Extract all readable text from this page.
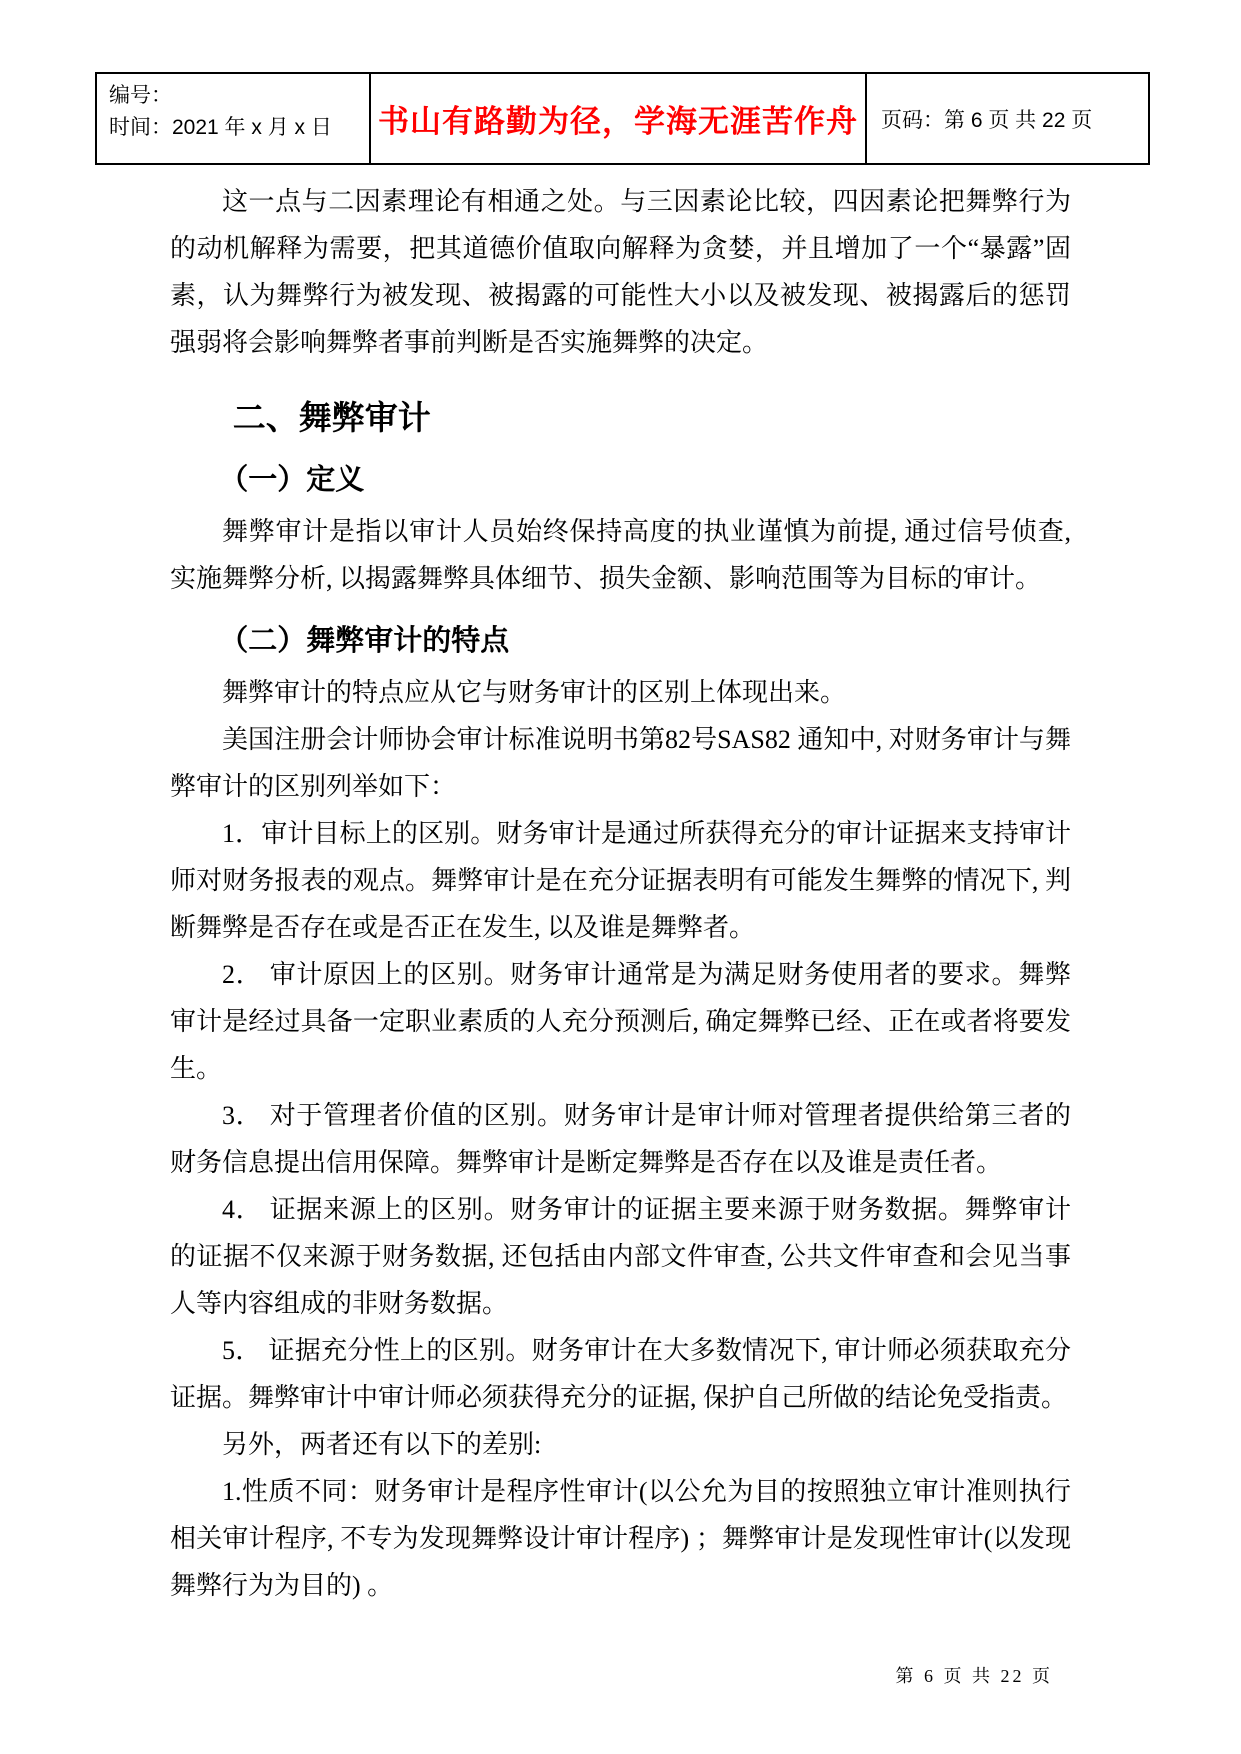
编号：
时间：2021 年 x 月 x 日	书山有路勤为径，学海无涯苦作舟 页码：第 6 页 共 22 页

这一点与二因素理论有相通之处。与三因素论比较，四因素论把舞弊行为的动机解释为需要，把其道德价值取向解释为贪婪，并且增加了一个“暴露”固素，认为舞弊行为被发现、被揭露的可能性大小以及被发现、被揭露后的惩罚强弱将会影响舞弊者事前判断是否实施舞弊的决定。

二、舞弊审计
（一）定义

舞弊审计是指以审计人员始终保持高度的执业谨慎为前提, 通过信号侦查, 实施舞弊分析, 以揭露舞弊具体细节、损失金额、影响范围等为目标的审计。

（二）舞弊审计的特点

舞弊审计的特点应从它与财务审计的区别上体现出来。

美国注册会计师协会审计标准说明书第82号SAS82 通知中, 对财务审计与舞弊审计的区别列举如下：

1．审计目标上的区别。财务审计是通过所获得充分的审计证据来支持审计师对财务报表的观点。舞弊审计是在充分证据表明有可能发生舞弊的情况下, 判断舞弊是否存在或是否正在发生, 以及谁是舞弊者。

2． 审计原因上的区别。财务审计通常是为满足财务使用者的要求。舞弊审计是经过具备一定职业素质的人充分预测后, 确定舞弊已经、正在或者将要发生。

3． 对于管理者价值的区别。财务审计是审计师对管理者提供给第三者的财务信息提出信用保障。舞弊审计是断定舞弊是否存在以及谁是责任者。

4． 证据来源上的区别。财务审计的证据主要来源于财务数据。舞弊审计的证据不仅来源于财务数据, 还包括由内部文件审查, 公共文件审查和会见当事人等内容组成的非财务数据。

5． 证据充分性上的区别。财务审计在大多数情况下, 审计师必须获取充分证据。舞弊审计中审计师必须获得充分的证据, 保护自己所做的结论免受指责。

另外，两者还有以下的差别:

1.性质不同：财务审计是程序性审计(以公允为目的按照独立审计准则执行相关审计程序, 不专为发现舞弊设计审计程序) ；舞弊审计是发现性审计(以发现舞弊行为为目的) 。

第 6 页 共 22 页
